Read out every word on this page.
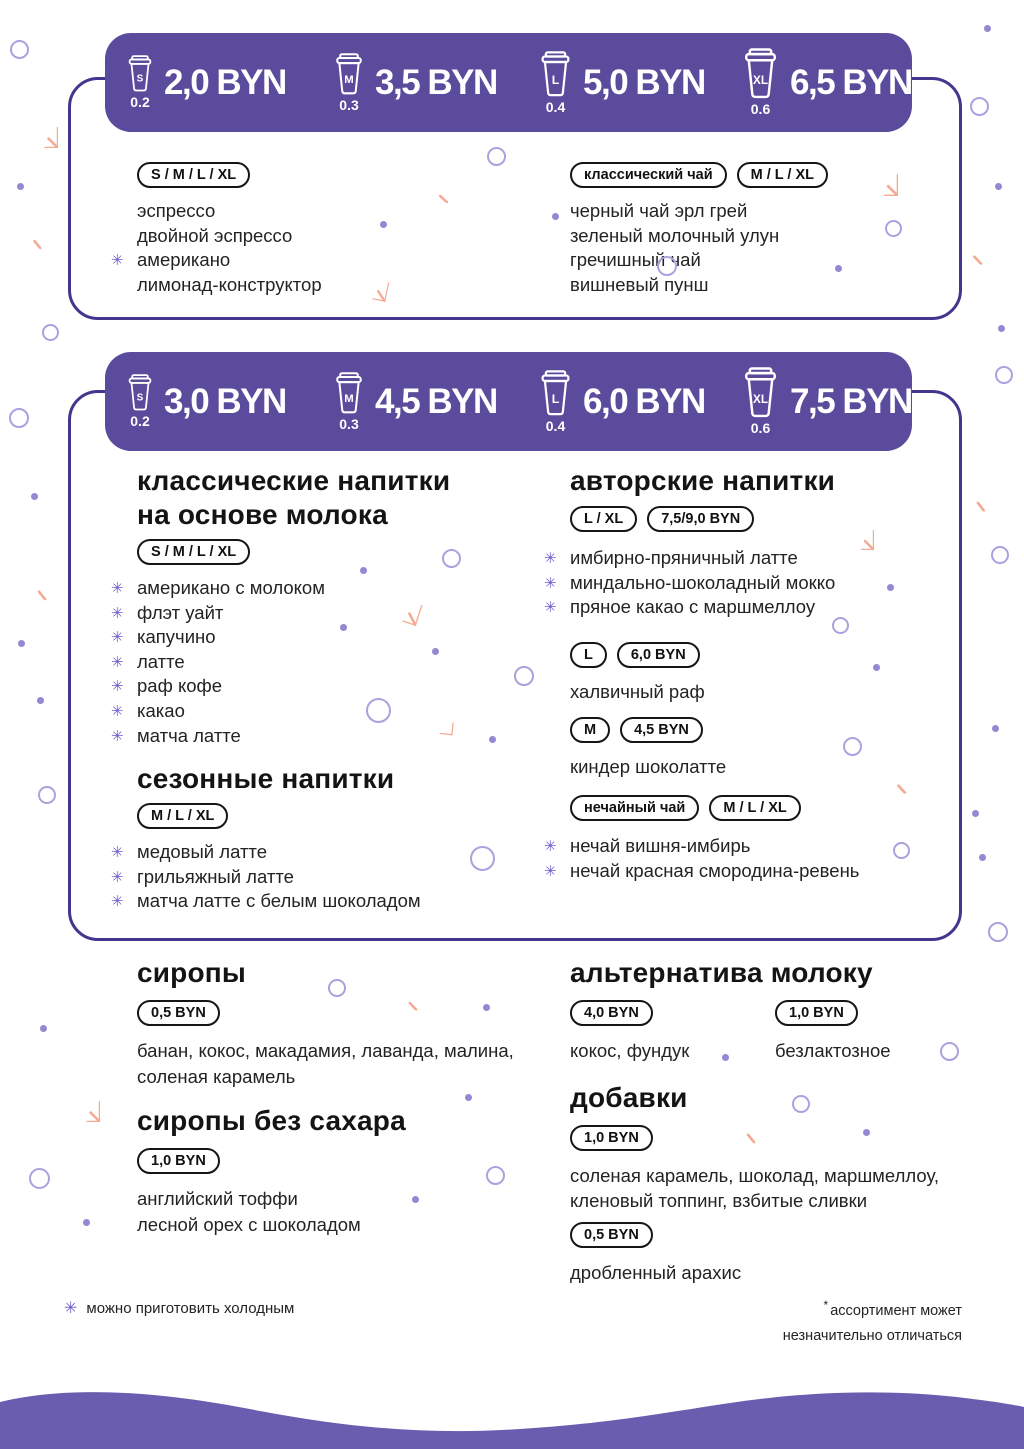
S
0.2
2,0 BYN	M
0.3
3,5 BYN	L
0.4
5,0 BYN	XL
0.6
6,5 BYN
S
0.2
3,0 BYN	M
0.3
4,5 BYN	L
0.4
6,0 BYN	XL
0.6
7,5 BYN
S / M / L / XL
эспрессо
двойной эспрессо
✳ американо
лимонад-конструктор
классический чай	M / L / XL
черный чай эрл грей
зеленый молочный улун
гречишный чай
вишневый пунш
классические напитки
на основе молока
S / M / L / XL
✳ американо с молоком
✳ флэт уайт
✳ капучино
✳ латте
✳ раф кофе
✳ какао
✳ матча латте
сезонные напитки
M / L / XL
✳ медовый латте
✳ грильяжный латте
✳ матча латте с белым шоколадом
авторские напитки
L / XL	7,5/9,0 BYN
✳ имбирно-пряничный латте
✳ миндально-шоколадный мокко
✳ пряное какао с маршмеллоу
L	6,0 BYN
халвичный раф
M	4,5 BYN
киндер шоколатте
нечайный чай	M / L / XL
✳ нечай вишня-имбирь
✳ нечай красная смородина-ревень
сиропы
0,5 BYN
банан, кокос, макадамия, лаванда, малина,
соленая карамель
сиропы без сахара
1,0 BYN
английский тоффи
лесной орех с шоколадом
альтернатива молоку
4,0 BYN
кокос, фундук
1,0 BYN
безлактозное
добавки
1,0 BYN
соленая карамель, шоколад, маршмеллоу,
кленовый топпинг, взбитые сливки
0,5 BYN
дробленный арахис
✳ можно приготовить холодным	* ассортимент может
незначительно отличаться
